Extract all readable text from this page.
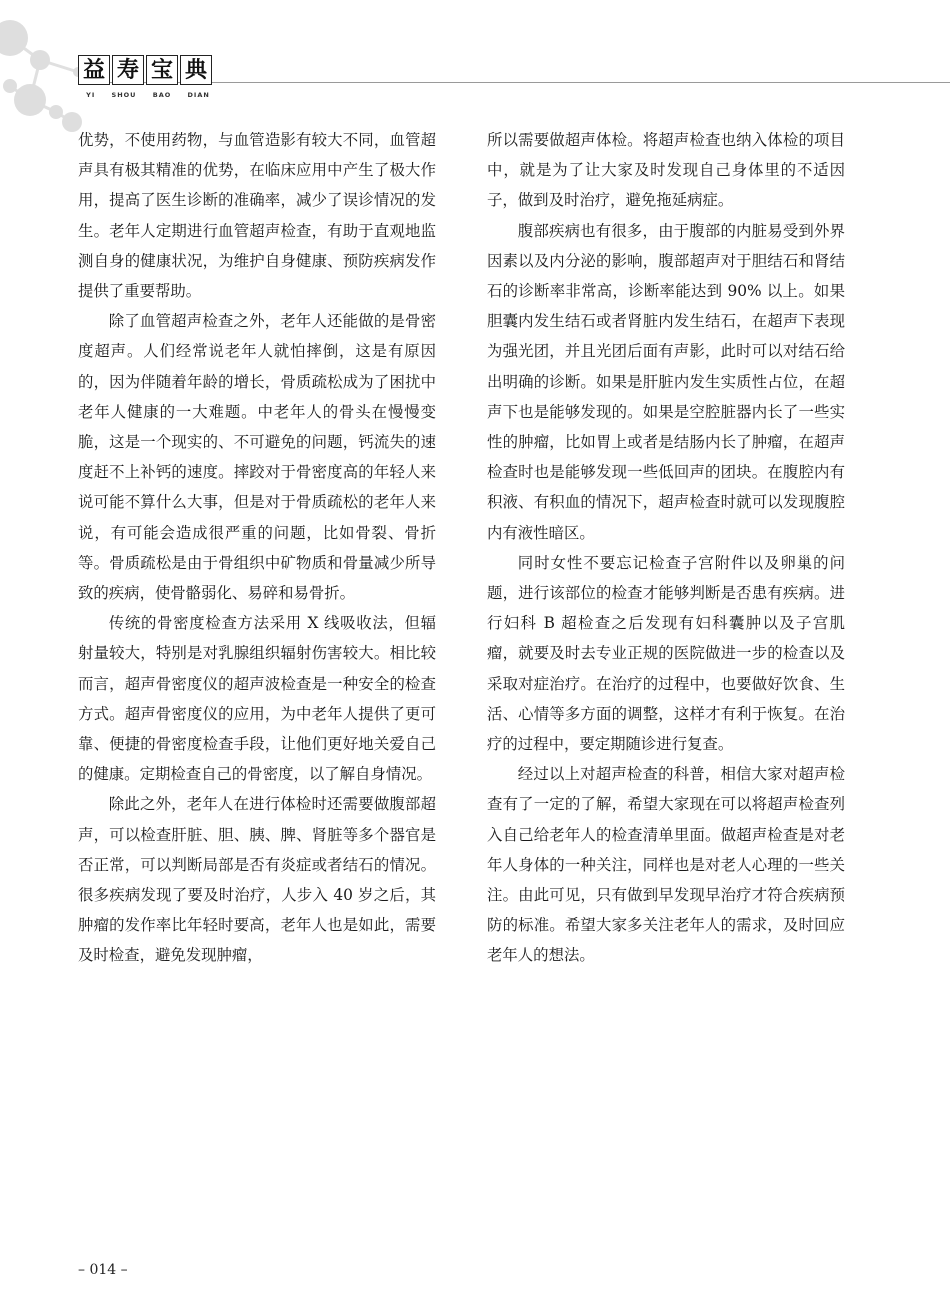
益 寿 宝 典
YI	SHOU	BAO	DIAN

优势，不使用药物，与血管造影有较大不同，血管超声具有极其精准的优势，在临床应用中产生了极大作用，提高了医生诊断的准确率，减少了误诊情况的发生。老年人定期进行血管超声检查，有助于直观地监测自身的健康状况，为维护自身健康、预防疾病发作提供了重要帮助。

除了血管超声检查之外，老年人还能做的是骨密度超声。人们经常说老年人就怕摔倒，这是有原因的，因为伴随着年龄的增长，骨质疏松成为了困扰中老年人健康的一大难题。中老年人的骨头在慢慢变脆，这是一个现实的、不可避免的问题，钙流失的速度赶不上补钙的速度。摔跤对于骨密度高的年轻人来说可能不算什么大事，但是对于骨质疏松的老年人来说，有可能会造成很严重的问题，比如骨裂、骨折等。骨质疏松是由于骨组织中矿物质和骨量减少所导致的疾病，使骨骼弱化、易碎和易骨折。

传统的骨密度检查方法采用 X 线吸收法，但辐射量较大，特别是对乳腺组织辐射伤害较大。相比较而言，超声骨密度仪的超声波检查是一种安全的检查方式。超声骨密度仪的应用，为中老年人提供了更可靠、便捷的骨密度检查手段，让他们更好地关爱自己的健康。定期检查自己的骨密度，以了解自身情况。

除此之外，老年人在进行体检时还需要做腹部超声，可以检查肝脏、胆、胰、脾、肾脏等多个器官是否正常，可以判断局部是否有炎症或者结石的情况。很多疾病发现了要及时治疗，人步入 40 岁之后，其肿瘤的发作率比年轻时要高，老年人也是如此，需要及时检查，避免发现肿瘤，

所以需要做超声体检。将超声检查也纳入体检的项目中，就是为了让大家及时发现自己身体里的不适因子，做到及时治疗，避免拖延病症。

腹部疾病也有很多，由于腹部的内脏易受到外界因素以及内分泌的影响，腹部超声对于胆结石和肾结石的诊断率非常高，诊断率能达到 90% 以上。如果胆囊内发生结石或者肾脏内发生结石，在超声下表现为强光团，并且光团后面有声影，此时可以对结石给出明确的诊断。如果是肝脏内发生实质性占位，在超声下也是能够发现的。如果是空腔脏器内长了一些实性的肿瘤，比如胃上或者是结肠内长了肿瘤，在超声检查时也是能够发现一些低回声的团块。在腹腔内有积液、有积血的情况下，超声检查时就可以发现腹腔内有液性暗区。

同时女性不要忘记检查子宫附件以及卵巢的问题，进行该部位的检查才能够判断是否患有疾病。进行妇科 B 超检查之后发现有妇科囊肿以及子宫肌瘤，就要及时去专业正规的医院做进一步的检查以及采取对症治疗。在治疗的过程中，也要做好饮食、生活、心情等多方面的调整，这样才有利于恢复。在治疗的过程中，要定期随诊进行复查。

经过以上对超声检查的科普，相信大家对超声检查有了一定的了解，希望大家现在可以将超声检查列入自己给老年人的检查清单里面。做超声检查是对老年人身体的一种关注，同样也是对老人心理的一些关注。由此可见，只有做到早发现早治疗才符合疾病预防的标准。希望大家多关注老年人的需求，及时回应老年人的想法。

– 014 –
